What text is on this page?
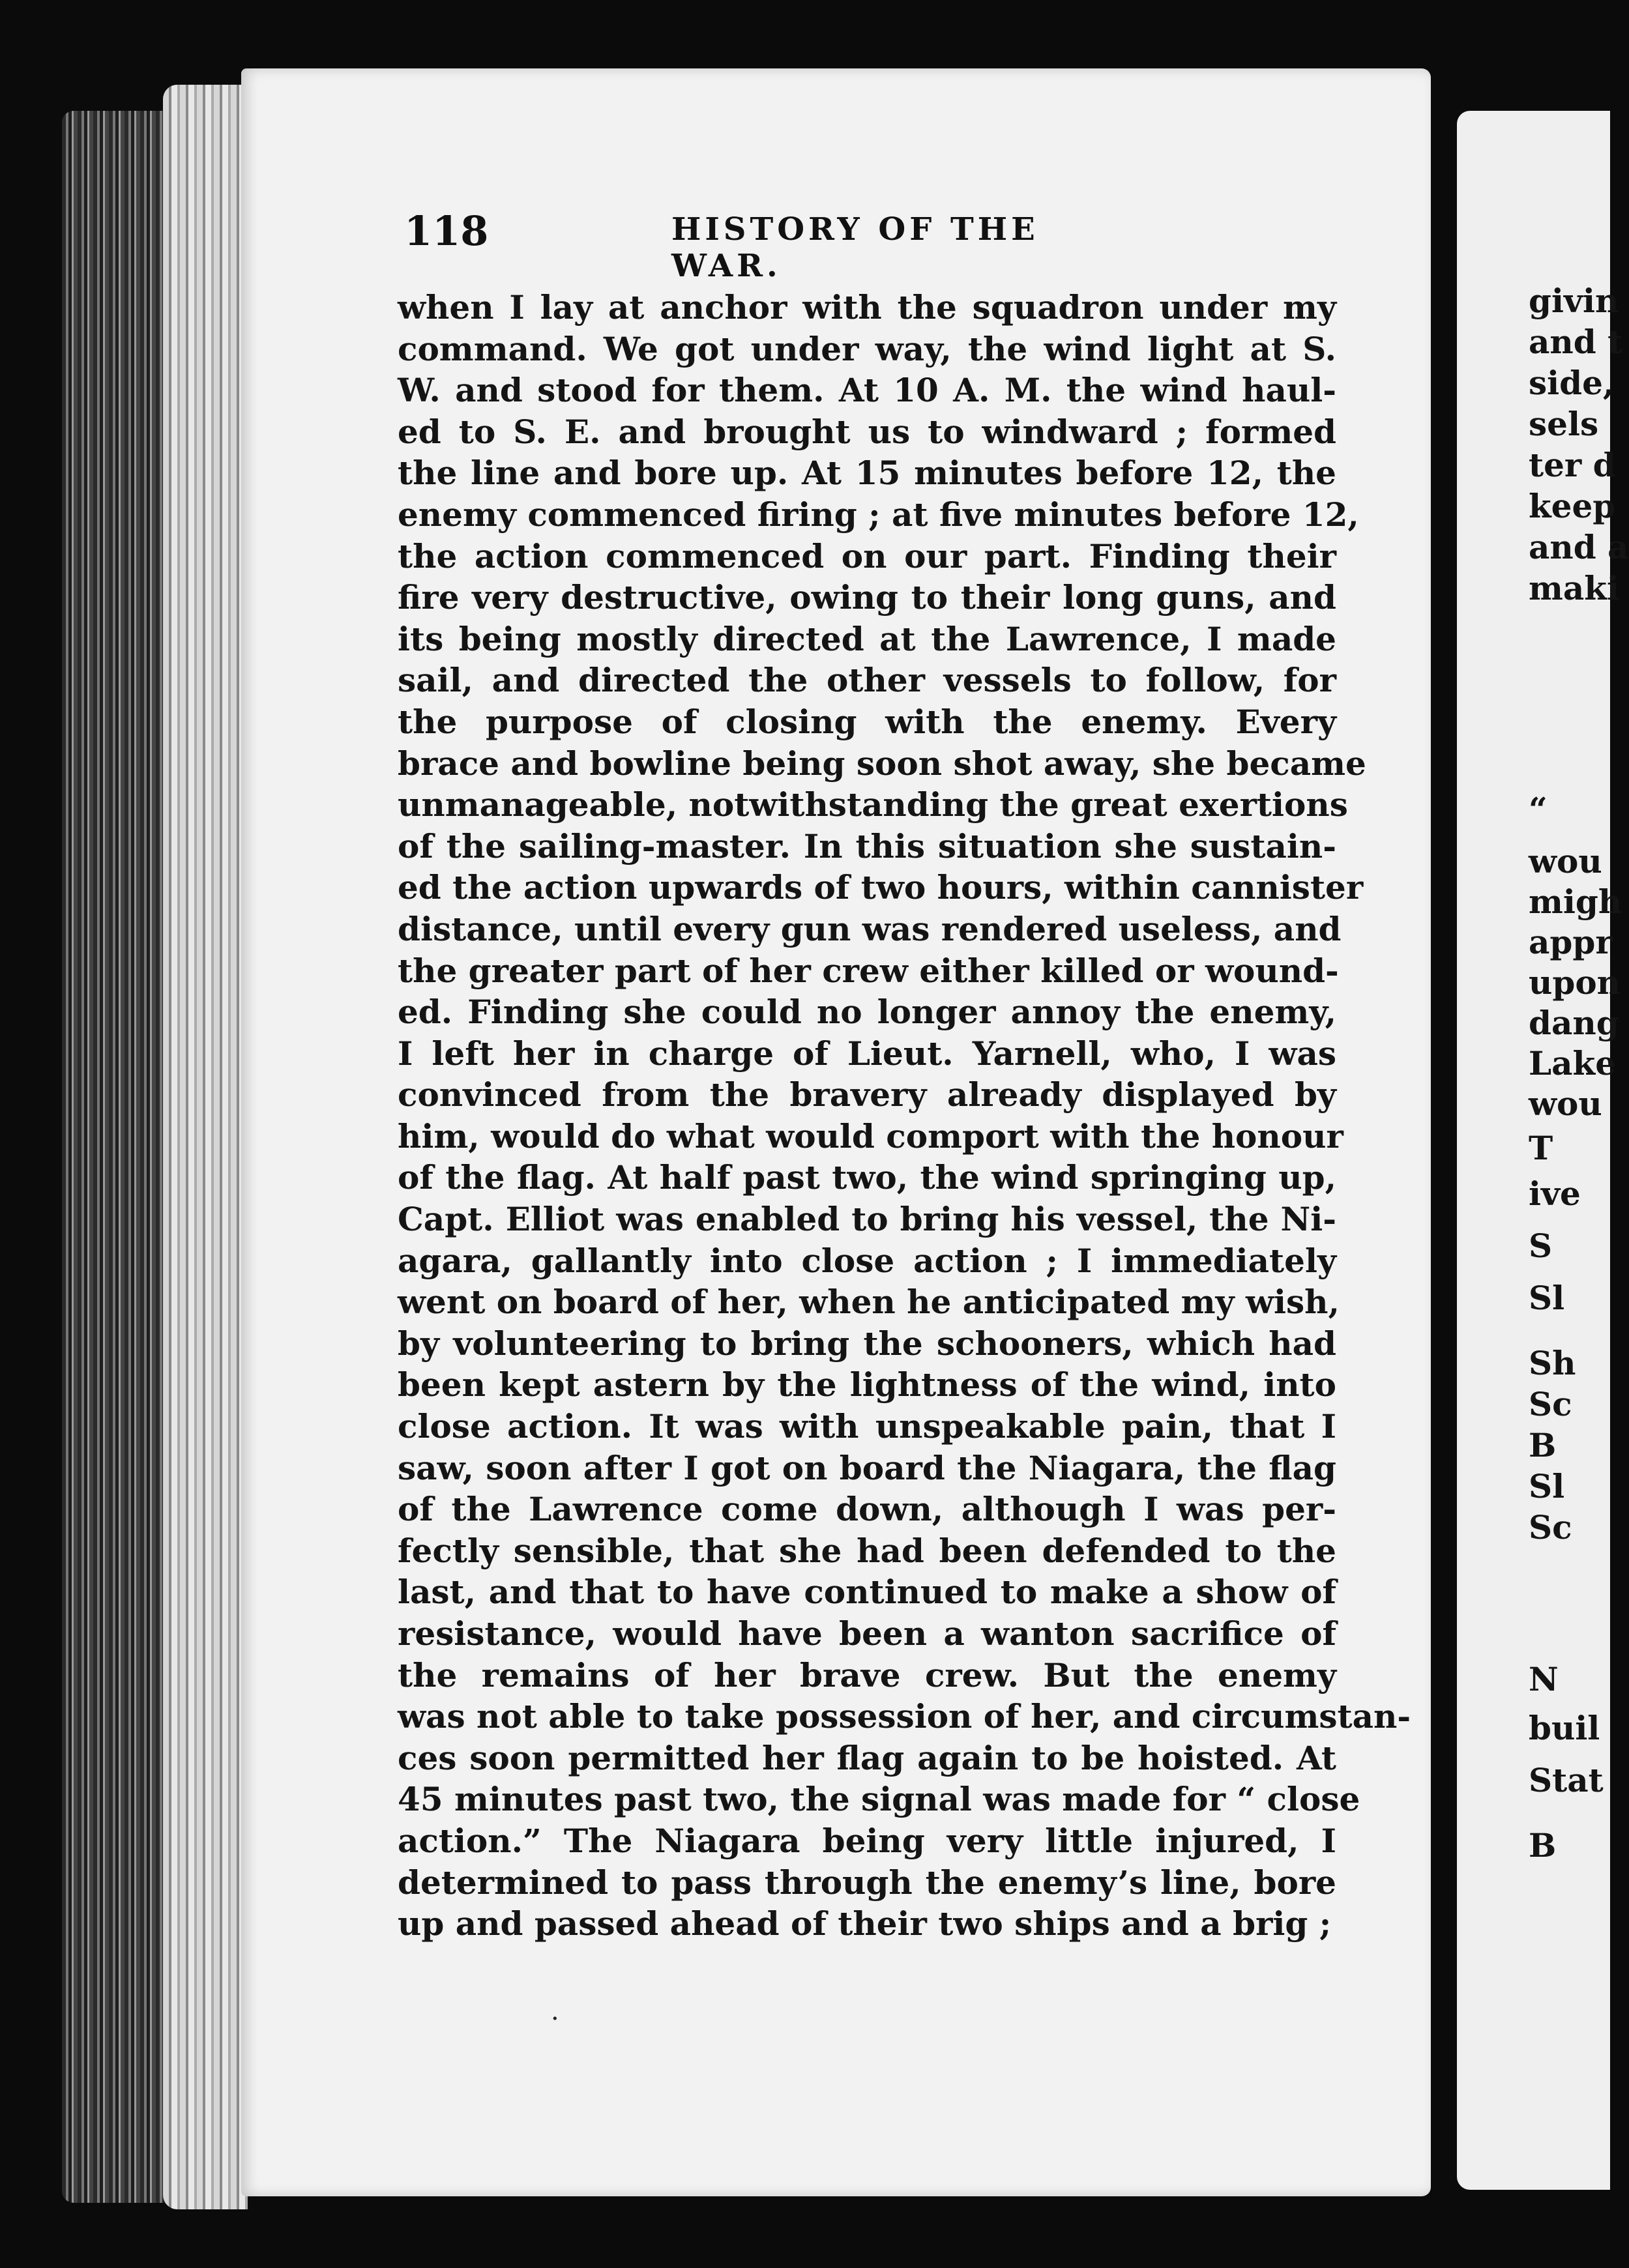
118	HISTORY OF THE WAR.
when I lay at anchor with the squadron under my
command. We got under way, the wind light at S.
W. and stood for them. At 10 A. M. the wind haul-
ed to S. E. and brought us to windward ; formed
the line and bore up. At 15 minutes before 12, the
enemy commenced firing ; at five minutes before 12,
the action commenced on our part. Finding their
fire very destructive, owing to their long guns, and
its being mostly directed at the Lawrence, I made
sail, and directed the other vessels to follow, for
the purpose of closing with the enemy. Every
brace and bowline being soon shot away, she became
unmanageable, notwithstanding the great exertions
of the sailing-master. In this situation she sustain-
ed the action upwards of two hours, within cannister
distance, until every gun was rendered useless, and
the greater part of her crew either killed or wound-
ed. Finding she could no longer annoy the enemy,
I left her in charge of Lieut. Yarnell, who, I was
convinced from the bravery already displayed by
him, would do what would comport with the honour
of the flag. At half past two, the wind springing up,
Capt. Elliot was enabled to bring his vessel, the Ni-
agara, gallantly into close action ; I immediately
went on board of her, when he anticipated my wish,
by volunteering to bring the schooners, which had
been kept astern by the lightness of the wind, into
close action. It was with unspeakable pain, that I
saw, soon after I got on board the Niagara, the flag
of the Lawrence come down, although I was per-
fectly sensible, that she had been defended to the
last, and that to have continued to make a show of
resistance, would have been a wanton sacrifice of
the remains of her brave crew. But the enemy
was not able to take possession of her, and circumstan-
ces soon permitted her flag again to be hoisted. At
45 minutes past two, the signal was made for “ close
action.” The Niagara being very little injured, I
determined to pass through the enemy’s line, bore
up and passed ahead of their two ships and a brig ;
givin
and t
side,
sels
ter d
keep
and a
maki
“
wou
migh
appr
upon
dang
Lake
wou
T
ive
S
Sl
Sh
Sc
B
Sl
Sc
N
buil
Stat
B
·
